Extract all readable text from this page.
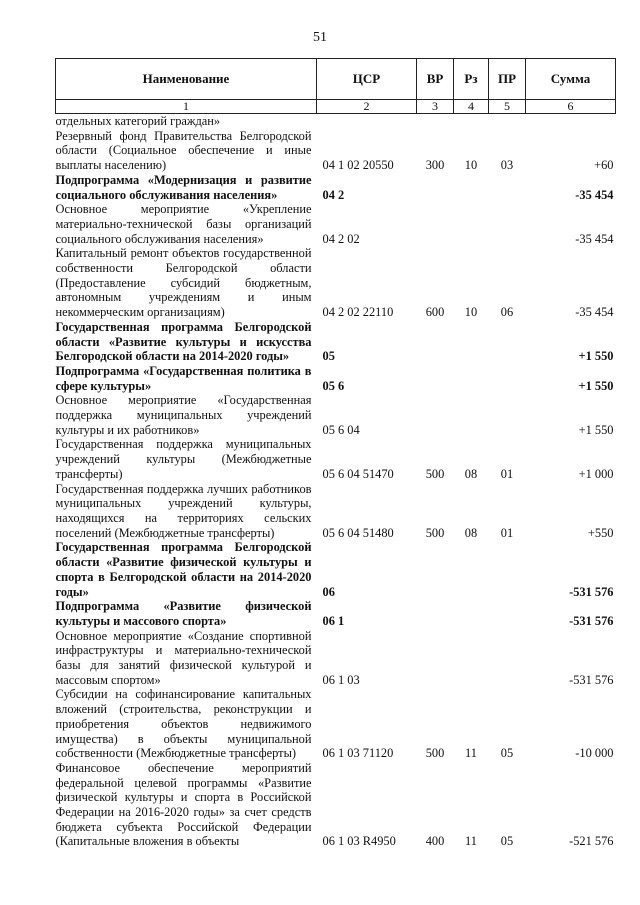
51
Наименование	ЦСР	ВР	Рз	ПР	Сумма
1	2	3	4	5	6
отдельных категорий граждан»					
Резервный фонд Правительства Белгородской области (Социальное обеспечение и иные выплаты населению)	04 1 02 20550	300	10	03	+60
Подпрограмма «Модернизация и развитие социального обслуживания населения»	04 2				-35 454
Основное мероприятие «Укрепление материально-технической базы организаций социального обслуживания населения»	04 2 02				-35 454
Капитальный ремонт объектов государственной собственности Белгородской области (Предоставление субсидий бюджетным, автономным учреждениям и иным некоммерческим организациям)	04 2 02 22110	600	10	06	-35 454
Государственная программа Белгородской области «Развитие культуры и искусства Белгородской области на 2014-2020 годы»	05				+1 550
Подпрограмма «Государственная политика в сфере культуры»	05 6				+1 550
Основное мероприятие «Государственная поддержка муниципальных учреждений культуры и их работников»	05 6 04				+1 550
Государственная поддержка муниципальных учреждений культуры (Межбюджетные трансферты)	05 6 04 51470	500	08	01	+1 000
Государственная поддержка лучших работников муниципальных учреждений культуры, находящихся на территориях сельских поселений (Межбюджетные трансферты)	05 6 04 51480	500	08	01	+550
Государственная программа Белгородской области «Развитие физической культуры и спорта в Белгородской области на 2014-2020 годы»	06				-531 576
Подпрограмма «Развитие физической культуры и массового спорта»	06 1				-531 576
Основное мероприятие «Создание спортивной инфраструктуры и материально-технической базы для занятий физической культурой и массовым спортом»	06 1 03				-531 576
Субсидии на софинансирование капитальных вложений (строительства, реконструкции и приобретения объектов недвижимого имущества) в объекты муниципальной собственности (Межбюджетные трансферты)	06 1 03 71120	500	11	05	-10 000
Финансовое обеспечение мероприятий федеральной целевой программы «Развитие физической культуры и спорта в Российской Федерации на 2016-2020 годы» за счет средств бюджета субъекта Российской Федерации (Капитальные вложения в объекты	06 1 03 R4950	400	11	05	-521 576
